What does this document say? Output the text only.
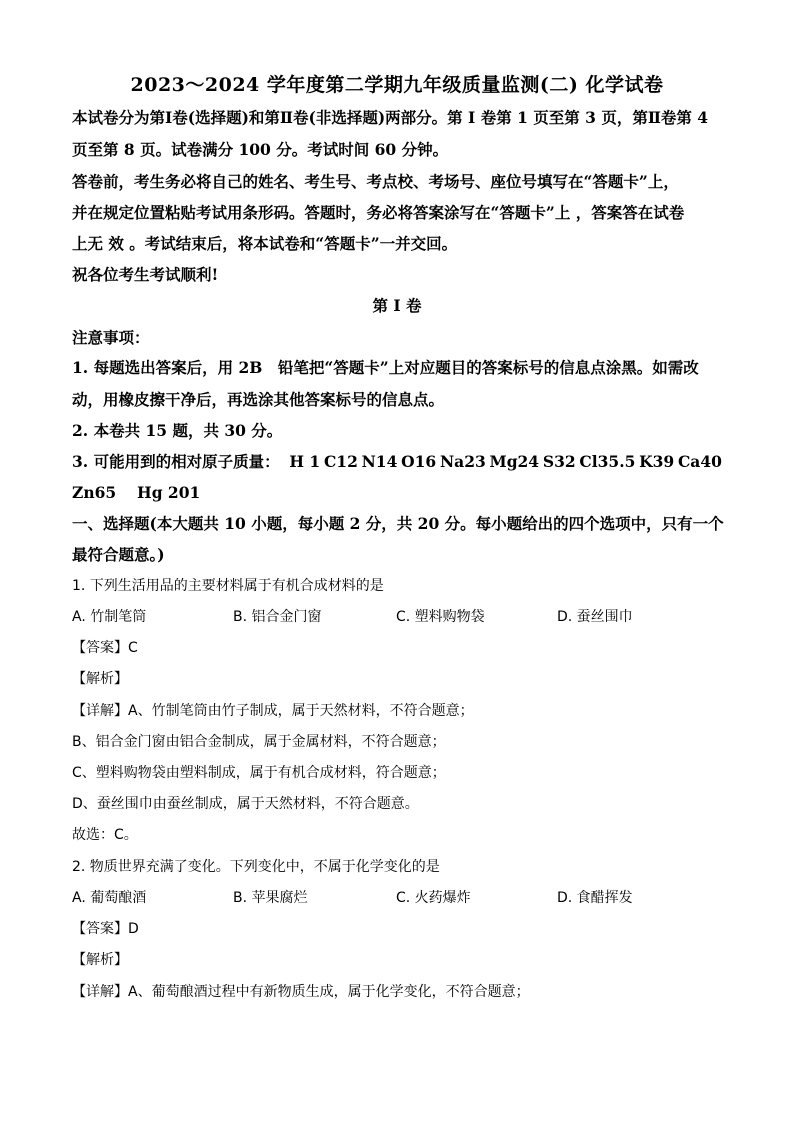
2023～2024 学年度第二学期九年级质量监测(二) 化学试卷
本试卷分为第Ⅰ卷(选择题)和第Ⅱ卷(非选择题)两部分。第 Ⅰ 卷第 1 页至第 3 页，第Ⅱ卷第 4
页至第 8 页。试卷满分 100 分。考试时间 60 分钟。
答卷前，考生务必将自己的姓名、考生号、考点校、考场号、座位号填写在“答题卡”上，
并在规定位置粘贴考试用条形码。答题时，务必将答案涂写在“答题卡”上 ，答案答在试卷
上无 效 。考试结束后，将本试卷和“答题卡”一并交回。
祝各位考生考试顺利!
第 Ⅰ 卷
注意事项：
1. 每题选出答案后，用 2B　铅笔把“答题卡”上对应题目的答案标号的信息点涂黑。如需改
动，用橡皮擦干净后，再选涂其他答案标号的信息点。
2. 本卷共 15 题，共 30 分。
3. 可能用到的相对原子质量： H 1 C12 N14 O16 Na23 Mg24 S32 Cl35.5 K39 Ca40
Zn65　 Hg 201
一、选择题(本大题共 10 小题，每小题 2 分，共 20 分。每小题给出的四个选项中，只有一个
最符合题意。)
1. 下列生活用品的主要材料属于有机合成材料的是
A. 竹制笔筒	B. 铝合金门窗	C. 塑料购物袋	D. 蚕丝围巾
【答案】C
【解析】
【详解】A、竹制笔筒由竹子制成，属于天然材料，不符合题意；
B、铝合金门窗由铝合金制成，属于金属材料，不符合题意；
C、塑料购物袋由塑料制成，属于有机合成材料，符合题意；
D、蚕丝围巾由蚕丝制成，属于天然材料，不符合题意。
故选：C。
2. 物质世界充满了变化。下列变化中，不属于化学变化的是
A. 葡萄酿酒	B. 苹果腐烂	C. 火药爆炸	D. 食醋挥发
【答案】D
【解析】
【详解】A、葡萄酿酒过程中有新物质生成，属于化学变化，不符合题意；
